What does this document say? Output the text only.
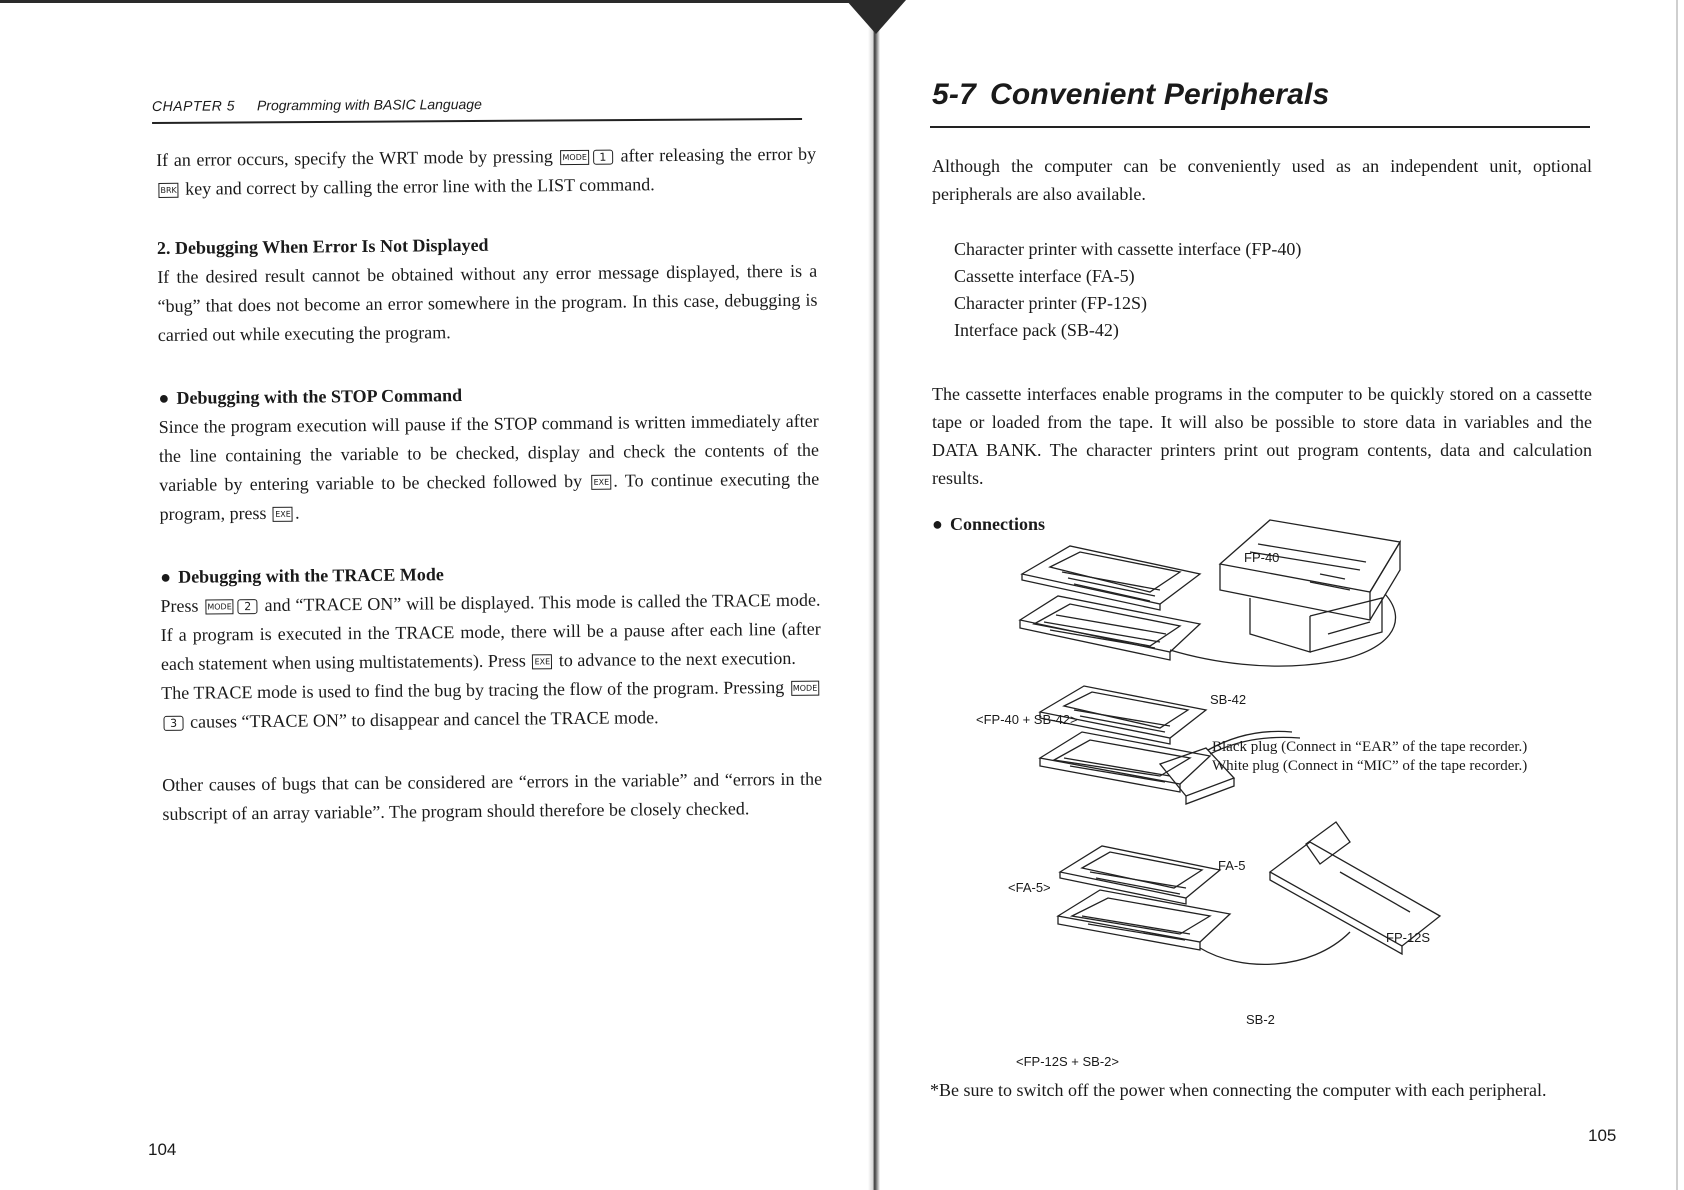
CHAPTER 5 Programming with BASIC Language

If an error occurs, specify the WRT mode by pressing MODE 1 after releasing the error by BRK key and correct by calling the error line with the LIST command.

2. Debugging When Error Is Not Displayed

If the desired result cannot be obtained without any error message displayed, there is a “bug” that does not become an error somewhere in the program. In this case, debugging is carried out while executing the program.

● Debugging with the STOP Command

Since the program execution will pause if the STOP command is written immediately after the line containing the variable to be checked, display and check the contents of the variable by entering variable to be checked followed by EXE . To continue executing the program, press EXE .

● Debugging with the TRACE Mode

Press MODE 2 and “TRACE ON” will be displayed. This mode is called the TRACE mode. If a program is executed in the TRACE mode, there will be a pause after each line (after each statement when using multistatements). Press EXE to advance to the next execution.

The TRACE mode is used to find the bug by tracing the flow of the program. Pressing MODE3 causes “TRACE ON” to disappear and cancel the TRACE mode.

Other causes of bugs that can be considered are “errors in the variable” and “errors in the subscript of an array variable”. The program should therefore be closely checked.

104
5-7 Convenient Peripherals
Although the computer can be conveniently used as an independent unit, optional peripherals are also available.
Character printer with cassette interface (FP-40)
Cassette interface (FA-5)
Character printer (FP-12S)
Interface pack (SB-42)
The cassette interfaces enable programs in the computer to be quickly stored on a cassette tape or loaded from the tape. It will also be possible to store data in variables and the DATA BANK. The character printers print out program contents, data and calculation results.
● Connections
FP-40
SB-42
<FP-40 + SB-42>
Black plug (Connect in “EAR” of the tape recorder.)
White plug (Connect in “MIC” of the tape recorder.)
FA-5
<FA-5>
FP-12S
SB-2
<FP-12S + SB-2>
*Be sure to switch off the power when connecting the computer with each peripheral.
105
